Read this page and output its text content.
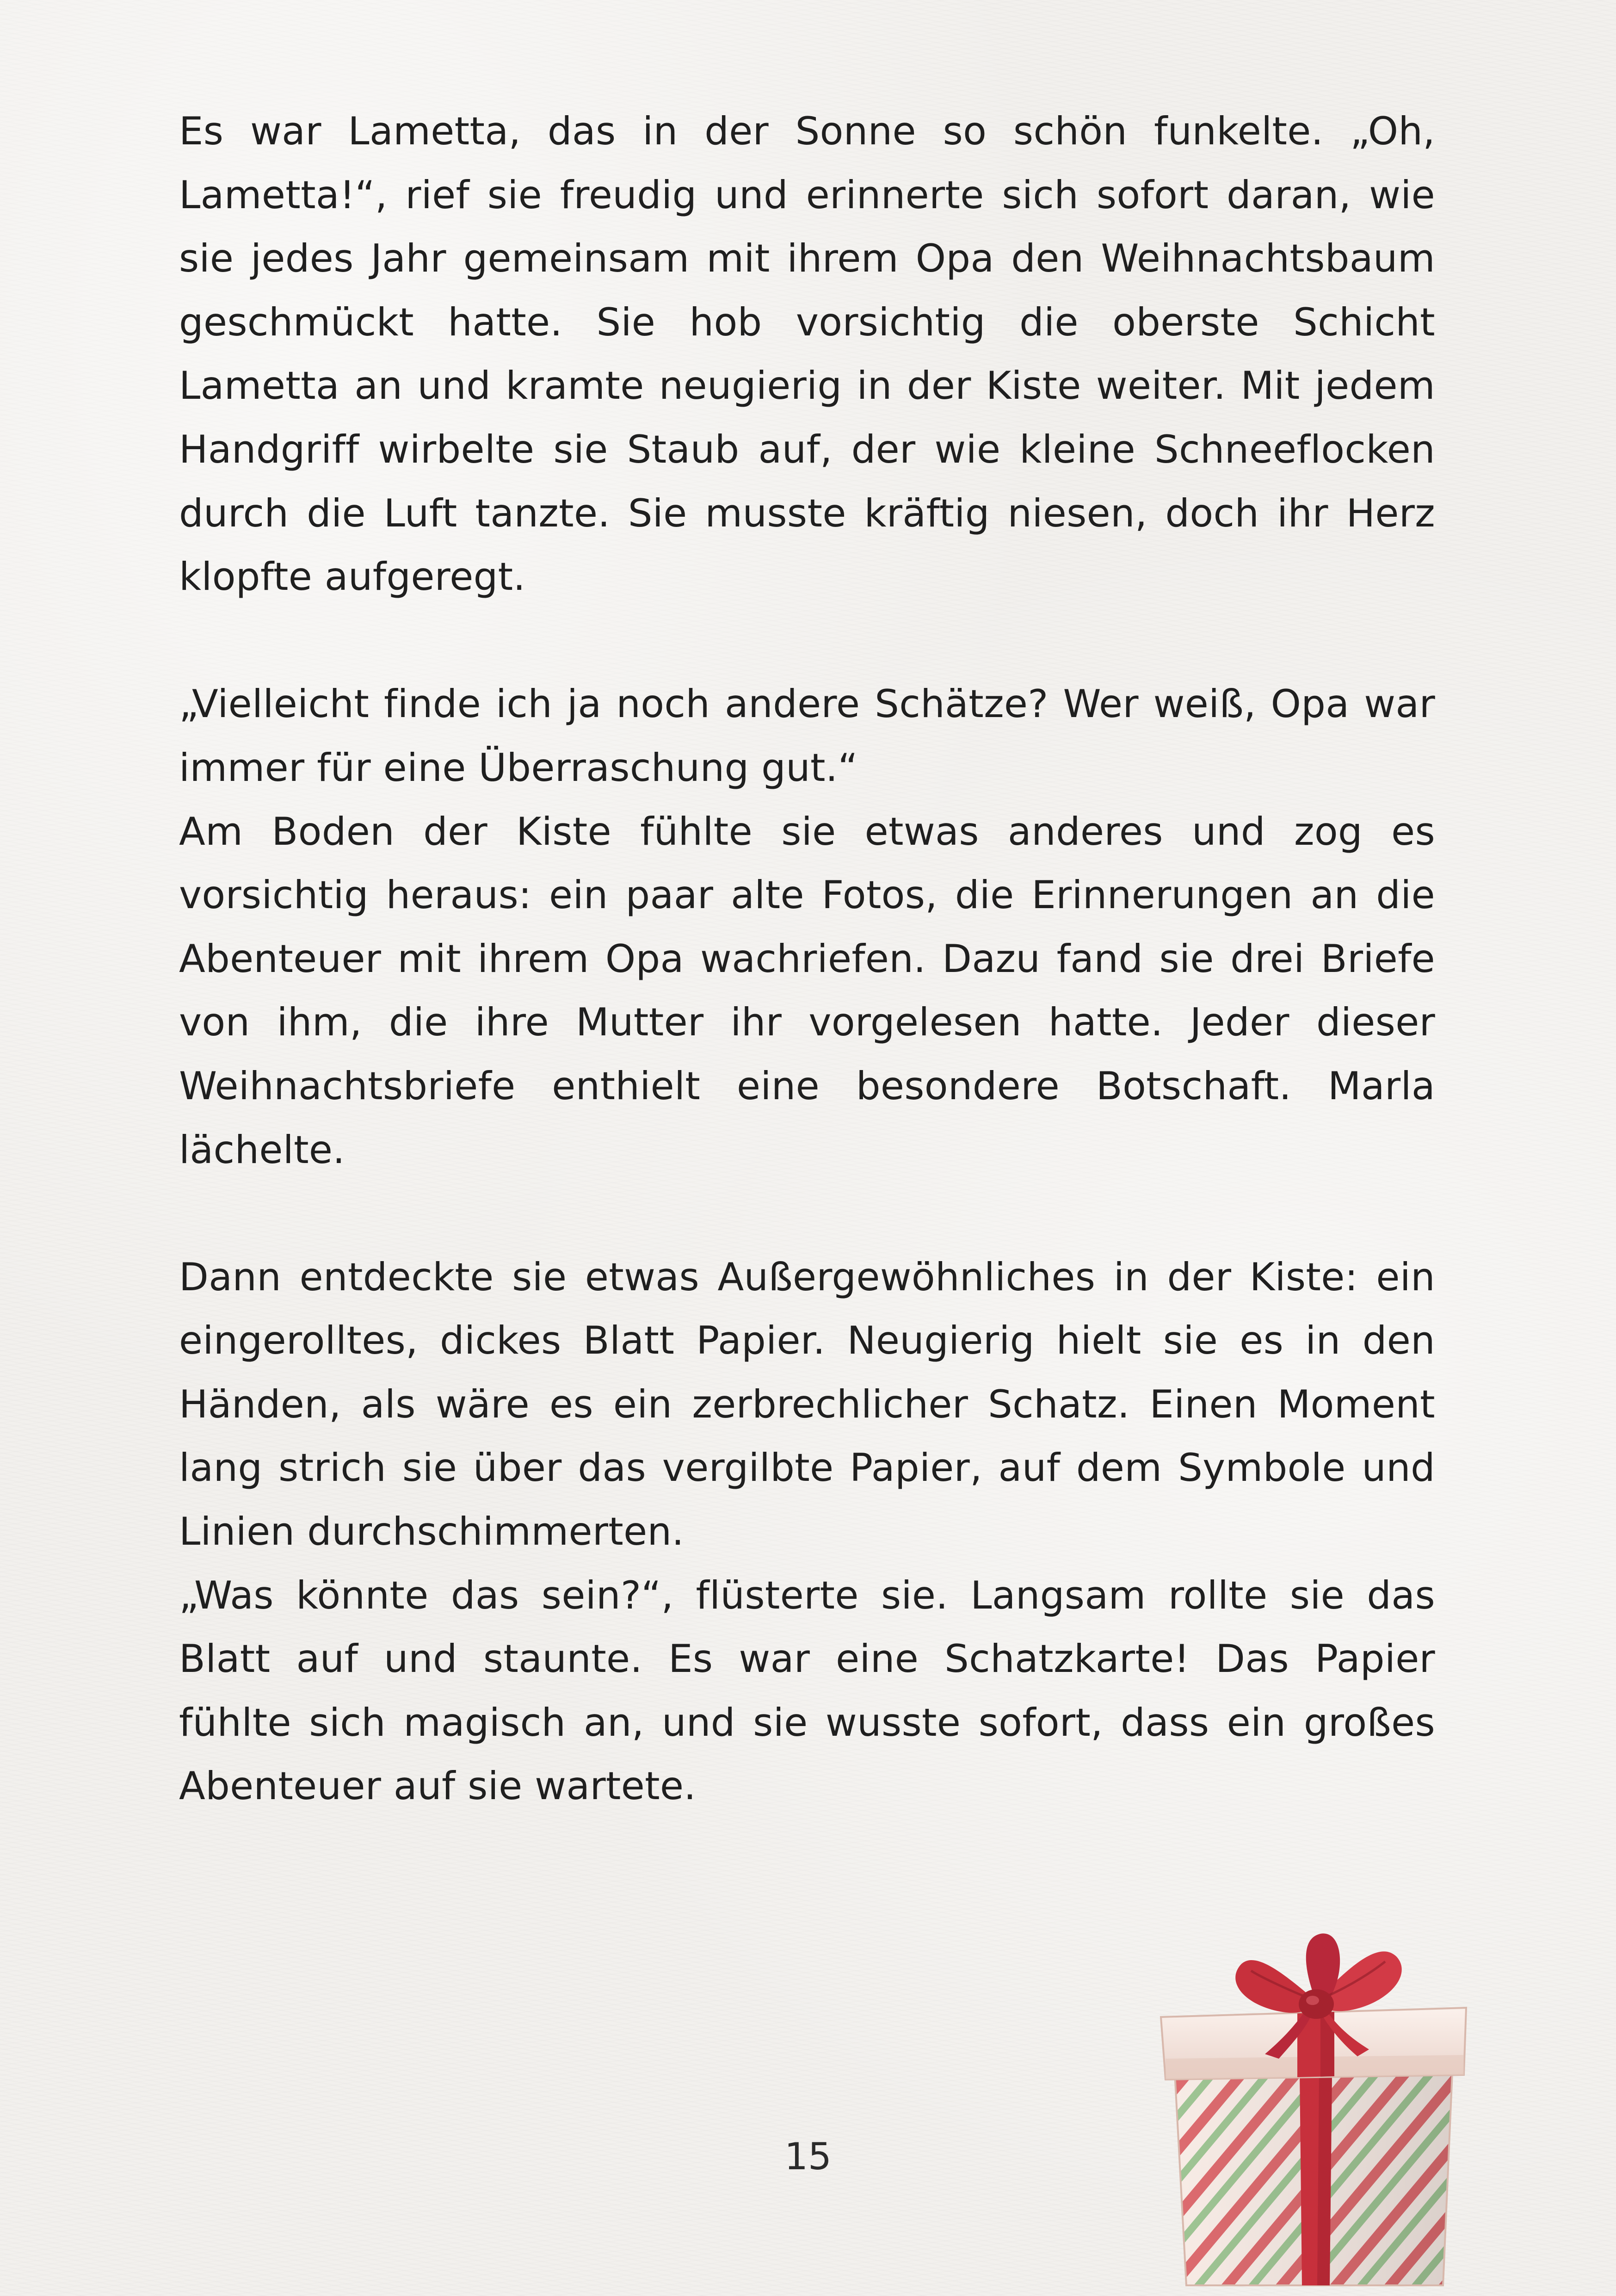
Es war Lametta, das in der Sonne so schön funkelte. „Oh, Lametta!“, rief sie freudig und erinnerte sich sofort daran, wie sie jedes Jahr gemeinsam mit ihrem Opa den Weihnachtsbaum geschmückt hatte. Sie hob vorsichtig die oberste Schicht Lametta an und kramte neugierig in der Kiste weiter. Mit jedem Handgriff wirbelte sie Staub auf, der wie kleine Schneeflocken durch die Luft tanzte. Sie musste kräftig niesen, doch ihr Herz klopfte aufgeregt.

„Vielleicht finde ich ja noch andere Schätze? Wer weiß, Opa war immer für eine Überraschung gut.“

Am Boden der Kiste fühlte sie etwas anderes und zog es vorsichtig heraus: ein paar alte Fotos, die Erinnerungen an die Abenteuer mit ihrem Opa wachriefen. Dazu fand sie drei Briefe von ihm, die ihre Mutter ihr vorgelesen hatte. Jeder dieser Weihnachtsbriefe enthielt eine besondere Botschaft. Marla lächelte.

Dann entdeckte sie etwas Außergewöhnliches in der Kiste: ein eingerolltes, dickes Blatt Papier. Neugierig hielt sie es in den Händen, als wäre es ein zerbrechlicher Schatz. Einen Moment lang strich sie über das vergilbte Papier, auf dem Symbole und Linien durchschimmerten.

„Was könnte das sein?“, flüsterte sie. Langsam rollte sie das Blatt auf und staunte. Es war eine Schatzkarte! Das Papier fühlte sich magisch an, und sie wusste sofort, dass ein großes Abenteuer auf sie wartete.

15
